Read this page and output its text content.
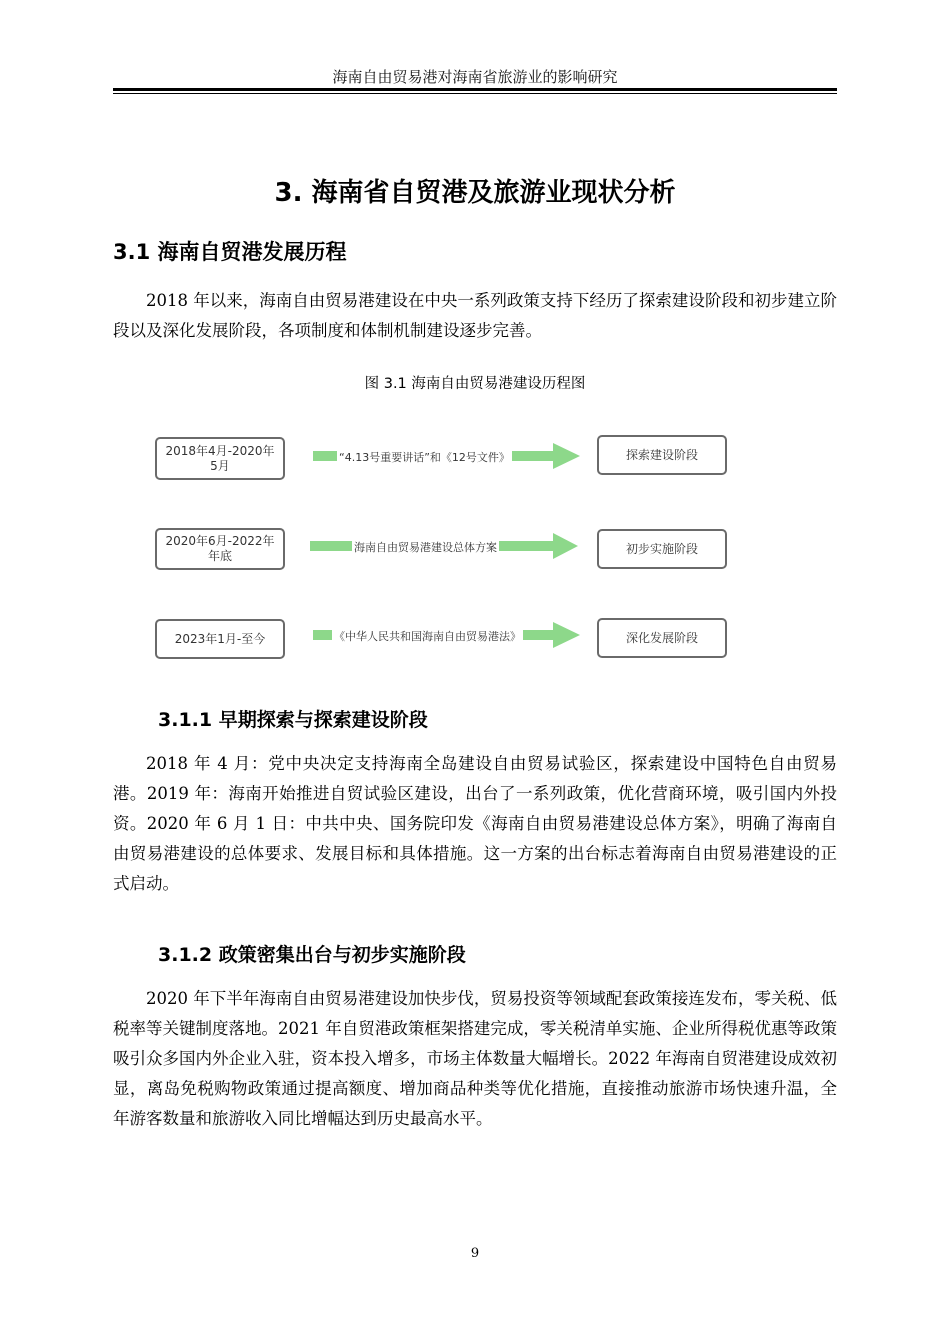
海南自由贸易港对海南省旅游业的影响研究
3. 海南省自贸港及旅游业现状分析
3.1 海南自贸港发展历程

2018 年以来，海南自由贸易港建设在中央一系列政策支持下经历了探索建设阶段和初步建立阶段以及深化发展阶段，各项制度和体制机制建设逐步完善。

图 3.1 海南自由贸易港建设历程图
2018年4月-2020年5月
“4.13号重要讲话”和《12号文件》	探索建设阶段
2020年6月-2022年年底
海南自由贸易港建设总体方案	初步实施阶段
2023年1月-至今	《中华人民共和国海南自由贸易港法》	深化发展阶段
3.1.1 早期探索与探索建设阶段

2018 年 4 月：党中央决定支持海南全岛建设自由贸易试验区，探索建设中国特色自由贸易港。2019 年：海南开始推进自贸试验区建设，出台了一系列政策，优化营商环境，吸引国内外投资。2020 年 6 月 1 日：中共中央、国务院印发《海南自由贸易港建设总体方案》，明确了海南自由贸易港建设的总体要求、发展目标和具体措施。这一方案的出台标志着海南自由贸易港建设的正式启动。

3.1.2 政策密集出台与初步实施阶段

2020 年下半年海南自由贸易港建设加快步伐，贸易投资等领域配套政策接连发布，零关税、低税率等关键制度落地。2021 年自贸港政策框架搭建完成，零关税清单实施、企业所得税优惠等政策吸引众多国内外企业入驻，资本投入增多，市场主体数量大幅增长。2022 年海南自贸港建设成效初显，离岛免税购物政策通过提高额度、增加商品种类等优化措施，直接推动旅游市场快速升温，全年游客数量和旅游收入同比增幅达到历史最高水平。

9
